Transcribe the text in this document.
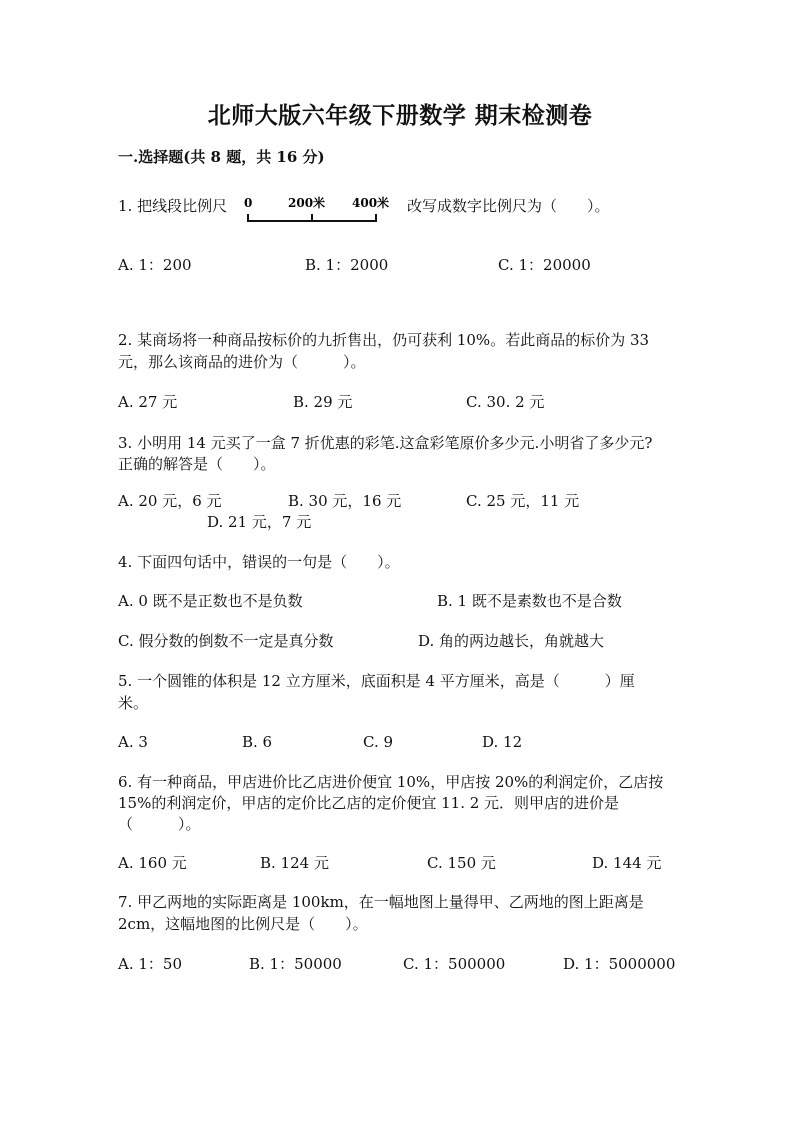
北师大版六年级下册数学 期末检测卷
一.选择题(共 8 题，共 16 分)
1. 把线段比例尺 0	200米 400米 改写成数字比例尺为（　　）。
A. 1：200	B. 1：2000	C. 1：20000
2. 某商场将一种商品按标价的九折售出，仍可获利 10%。若此商品的标价为 33
元，那么该商品的进价为（　　　）。
A. 27 元	B. 29 元	C. 30. 2 元
3. 小明用 14 元买了一盒 7 折优惠的彩笔.这盒彩笔原价多少元.小明省了多少元?
正确的解答是（　　）。
A. 20 元，6 元	B. 30 元，16 元	C. 25 元，11 元
D. 21 元，7 元
4. 下面四句话中，错误的一句是（　　）。
A. 0 既不是正数也不是负数	B. 1 既不是素数也不是合数
C. 假分数的倒数不一定是真分数	D. 角的两边越长，角就越大
5. 一个圆锥的体积是 12 立方厘米，底面积是 4 平方厘米，高是（　　　）厘
米。
A. 3	B. 6	C. 9	D. 12
6. 有一种商品，甲店进价比乙店进价便宜 10%，甲店按 20%的利润定价，乙店按
15%的利润定价，甲店的定价比乙店的定价便宜 11. 2 元．则甲店的进价是
（　　　）。
A. 160 元	B. 124 元	C. 150 元	D. 144 元
7. 甲乙两地的实际距离是 100km，在一幅地图上量得甲、乙两地的图上距离是
2cm，这幅地图的比例尺是（　　）。
A. 1：50	B. 1：50000	C. 1：500000	D. 1：5000000
